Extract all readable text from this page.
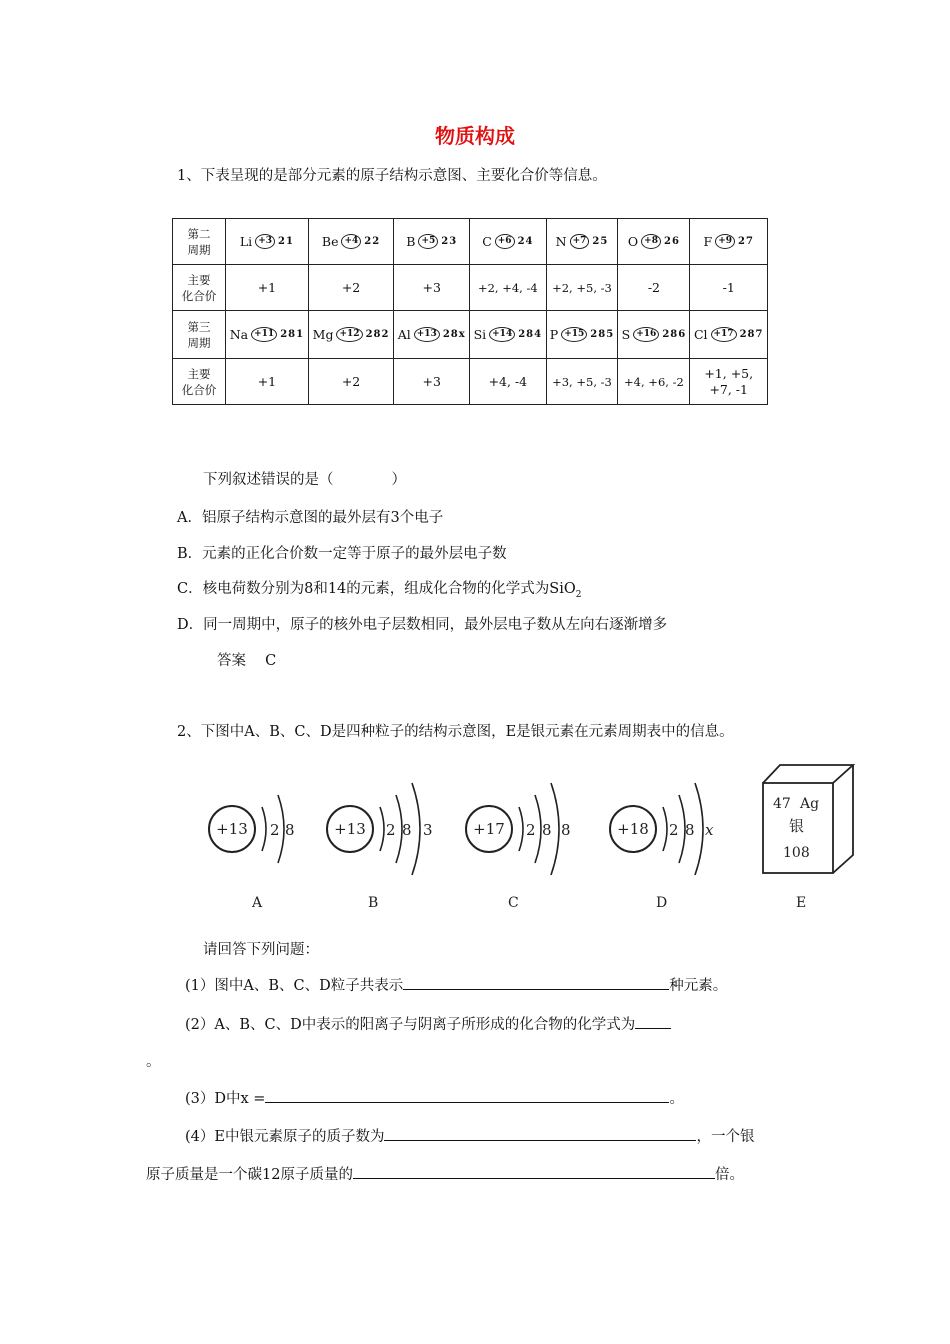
物质构成
1、下表呈现的是部分元素的原子结构示意图、主要化合价等信息。
第二
周期	Li +3 21	Be +4 22	B +5 23	C +6 24	N +7 25	O +8 26	F +9 27

主要
化合价	+1	+2	+3	+2, +4, -4	+2, +5, -3	-2	-1
第三
周期	Na +11 281	Mg +12 282	Al +13 28x	Si +14 284	P +15 285	S +16 286	Cl +17 287

主要
化合价	+1	+2	+3	+4, -4	+3, +5, -3	+4, +6, -2	+1, +5,
+7, -1
下列叙述错误的是（　　　　）
A．铝原子结构示意图的最外层有3个电子
B．元素的正化合价数一定等于原子的最外层电子数
C．核电荷数分别为8和14的元素，组成化合物的化学式为SiO$_2$
D．同一周期中，原子的核外电子层数相同，最外层电子数从左向右逐渐增多
答案　 C
2、下图中A、B、C、D是四种粒子的结构示意图，E是银元素在元素周期表中的信息。
+13 2 8
A
+13 2 8 3
B
+17 2 8 8
C
+18 2 8 x
D
47 Ag
银
108
E
请回答下列问题：
(1）图中A、B、C、D粒子共表示	种元素。
(2）A、B、C、D中表示的阳离子与阴离子所形成的化合物的化学式为
。
(3）D中x =	。
(4）E中银元素原子的质子数为	，一个银
原子质量是一个碳12原子质量的	倍。
